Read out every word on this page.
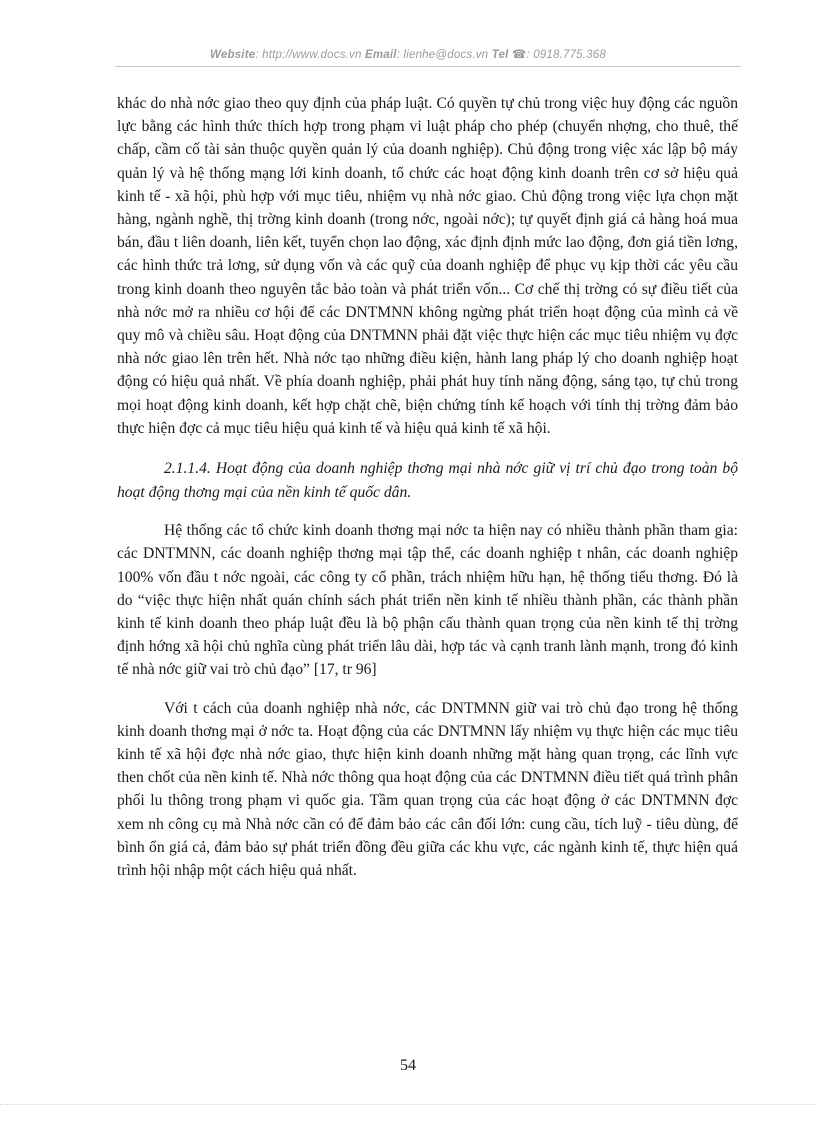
Website: http://www.docs.vn Email: lienhe@docs.vn Tel ☎: 0918.775.368

khác do nhà nớc giao theo quy định của pháp luật. Có quyền tự chủ trong việc huy động các nguồn lực bằng các hình thức thích hợp trong phạm vi luật pháp cho phép (chuyển nhợng, cho thuê, thế chấp, cầm cố tài sản thuộc quyền quản lý của doanh nghiệp). Chủ động trong việc xác lập bộ máy quản lý và hệ thống mạng lới kinh doanh, tổ chức các hoạt động kinh doanh trên cơ sở hiệu quả kinh tế - xã hội, phù hợp với mục tiêu, nhiệm vụ nhà nớc giao. Chủ động trong việc lựa chọn mặt hàng, ngành nghề, thị trờng kinh doanh (trong nớc, ngoài nớc); tự quyết định giá cả hàng hoá mua bán, đầu t liên doanh, liên kết, tuyển chọn lao động, xác định định mức lao động, đơn giá tiền lơng, các hình thức trả lơng, sử dụng vốn và các quỹ của doanh nghiệp để phục vụ kịp thời các yêu cầu trong kinh doanh theo nguyên tắc bảo toàn và phát triển vốn... Cơ chế thị trờng có sự điều tiết của nhà nớc mở ra nhiều cơ hội để các DNTMNN không ngừng phát triển hoạt động của mình cả về quy mô và chiều sâu. Hoạt động của DNTMNN phải đặt việc thực hiện các mục tiêu nhiệm vụ đợc nhà nớc giao lên trên hết. Nhà nớc tạo những điều kiện, hành lang pháp lý cho doanh nghiệp hoạt động có hiệu quả nhất. Về phía doanh nghiệp, phải phát huy tính năng động, sáng tạo, tự chủ trong mọi hoạt động kinh doanh, kết hợp chặt chẽ, biện chứng tính kế hoạch với tính thị trờng đảm bảo thực hiện đợc cả mục tiêu hiệu quả kinh tế và hiệu quả kinh tế xã hội.

2.1.1.4. Hoạt động của doanh nghiệp thơng mại nhà nớc giữ vị trí chủ đạo trong toàn bộ hoạt động thơng mại của nền kinh tế quốc dân.

Hệ thống các tổ chức kinh doanh thơng mại nớc ta hiện nay có nhiều thành phần tham gia: các DNTMNN, các doanh nghiệp thơng mại tập thể, các doanh nghiệp t nhân, các doanh nghiệp 100% vốn đầu t nớc ngoài, các công ty cổ phần, trách nhiệm hữu hạn, hệ thống tiểu thơng. Đó là do “việc thực hiện nhất quán chính sách phát triển nền kinh tế nhiều thành phần, các thành phần kinh tế kinh doanh theo pháp luật đều là bộ phận cấu thành quan trọng của nền kinh tế thị trờng định hớng xã hội chủ nghĩa cùng phát triển lâu dài, hợp tác và cạnh tranh lành mạnh, trong đó kinh tế nhà nớc giữ vai trò chủ đạo” [17, tr 96]

Với t cách của doanh nghiệp nhà nớc, các DNTMNN giữ vai trò chủ đạo trong hệ thống kinh doanh thơng mại ở nớc ta. Hoạt động của các DNTMNN lấy nhiệm vụ thực hiện các mục tiêu kinh tế xã hội đợc nhà nớc giao, thực hiện kinh doanh những mặt hàng quan trọng, các lĩnh vực then chốt của nền kinh tế. Nhà nớc thông qua hoạt động của các DNTMNN điều tiết quá trình phân phối lu thông trong phạm vi quốc gia. Tầm quan trọng của các hoạt động ở các DNTMNN đợc xem nh công cụ mà Nhà nớc cần có để đảm bảo các cân đối lớn: cung cầu, tích luỹ - tiêu dùng, để bình ổn giá cả, đảm bảo sự phát triển đồng đều giữa các khu vực, các ngành kinh tế, thực hiện quá trình hội nhập một cách hiệu quả nhất.

54
